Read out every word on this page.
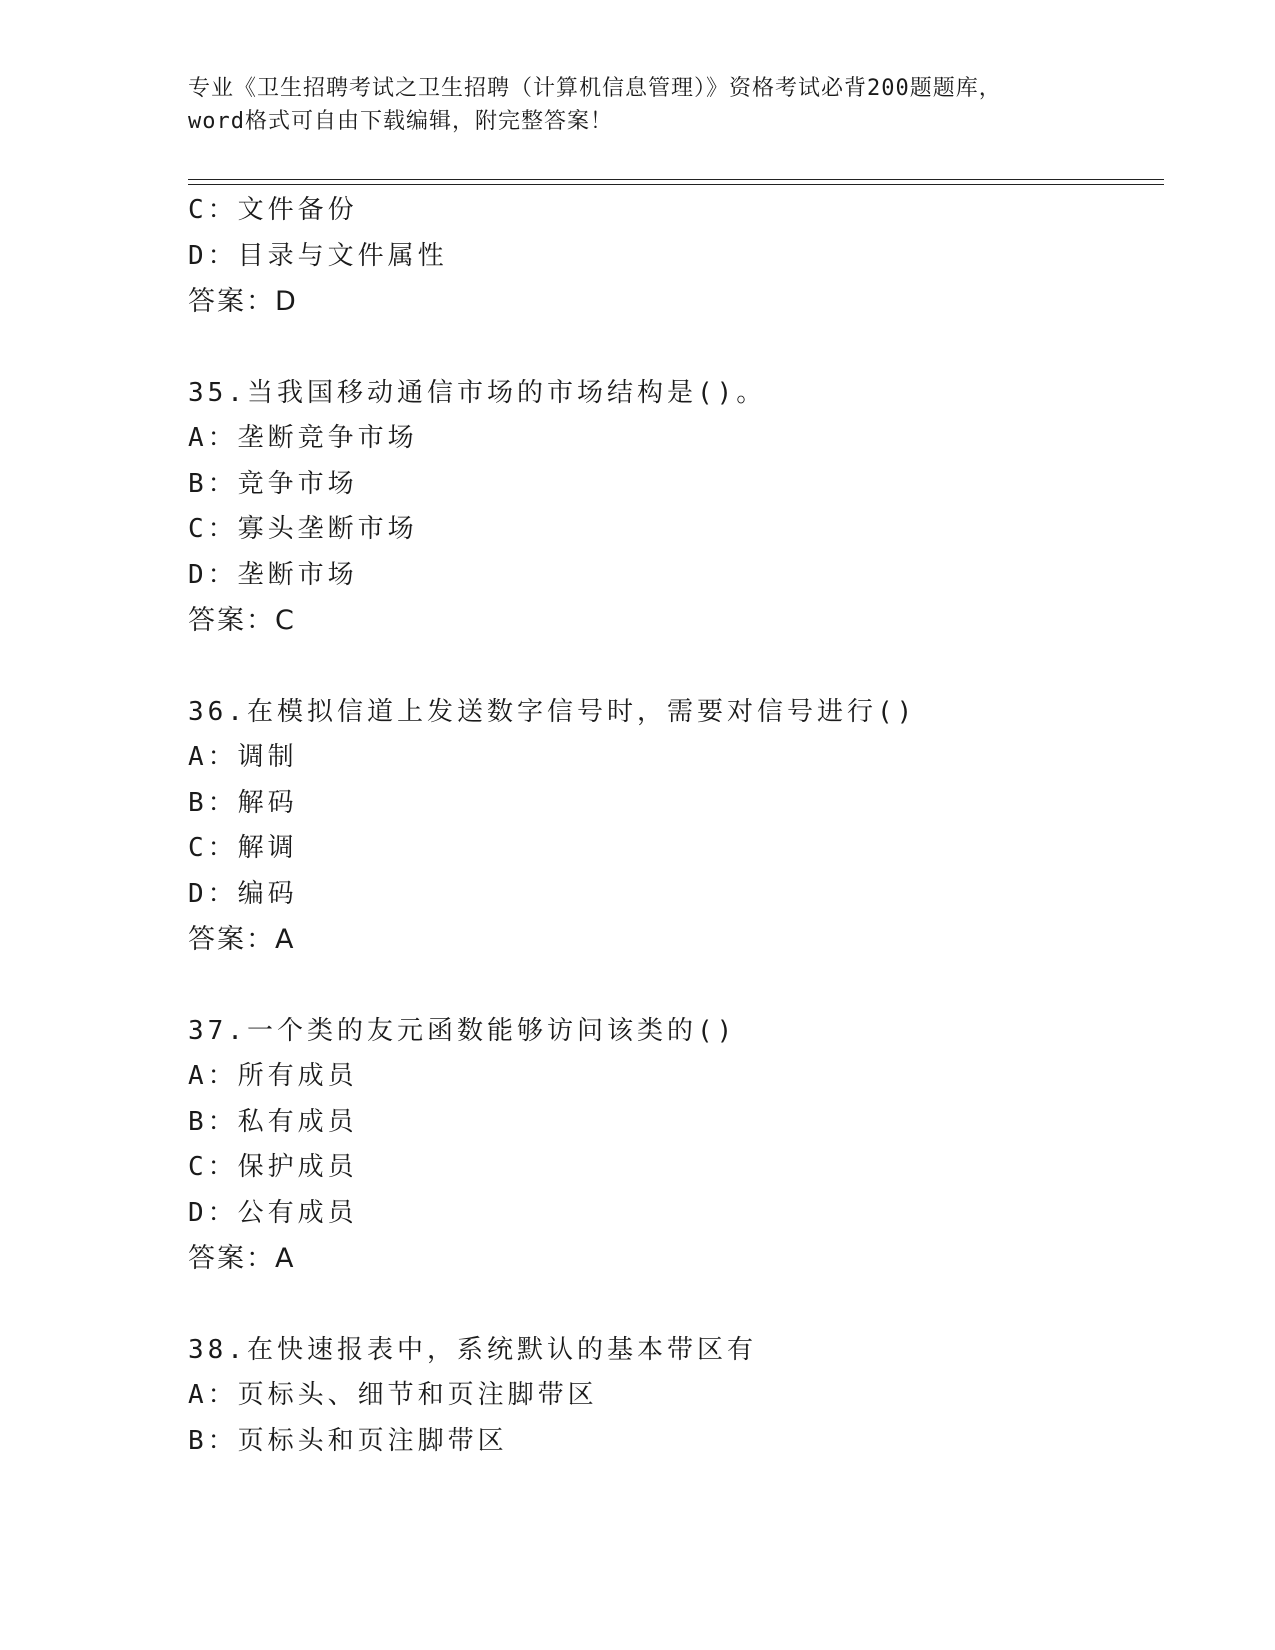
专业《卫生招聘考试之卫生招聘（计算机信息管理）》资格考试必背200题题库，
word格式可自由下载编辑，附完整答案！
C：文件备份
D：目录与文件属性
答案：D
35.当我国移动通信市场的市场结构是()。
A：垄断竞争市场
B：竞争市场
C：寡头垄断市场
D：垄断市场
答案：C
36.在模拟信道上发送数字信号时，需要对信号进行()
A：调制
B：解码
C：解调
D：编码
答案：A
37.一个类的友元函数能够访问该类的()
A：所有成员
B：私有成员
C：保护成员
D：公有成员
答案：A
38.在快速报表中，系统默认的基本带区有
A：页标头、细节和页注脚带区
B：页标头和页注脚带区
